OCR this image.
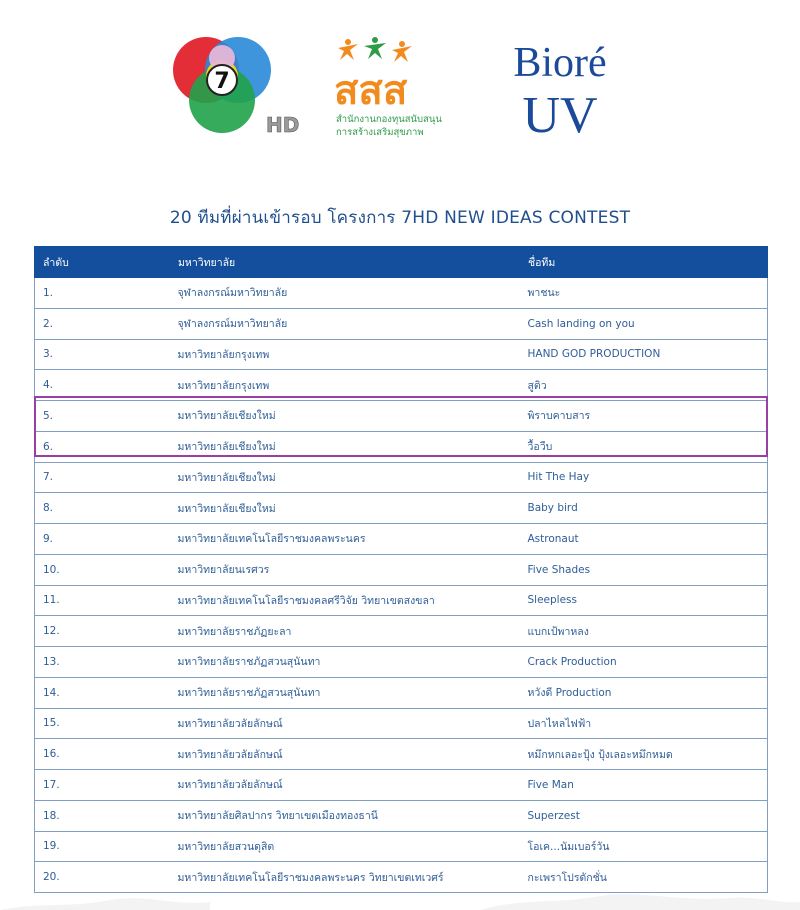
7
HD
สสส
สำนักงานกองทุนสนับสนุน
การสร้างเสริมสุขภาพ
Bioré
UV
20 ทีมที่ผ่านเข้ารอบ โครงการ 7HD NEW IDEAS CONTEST
ลำดับ	มหาวิทยาลัย	ชื่อทีม
1.	จุฬาลงกรณ์มหาวิทยาลัย	พาชนะ
2.	จุฬาลงกรณ์มหาวิทยาลัย	Cash landing on you
3.	มหาวิทยาลัยกรุงเทพ	HAND GOD PRODUCTION
4.	มหาวิทยาลัยกรุงเทพ	สูติว
5.	มหาวิทยาลัยเชียงใหม่	พิราบคาบสาร
6.	มหาวิทยาลัยเชียงใหม่	วื้อวืบ
7.	มหาวิทยาลัยเชียงใหม่	Hit The Hay
8.	มหาวิทยาลัยเชียงใหม่	Baby bird
9.	มหาวิทยาลัยเทคโนโลยีราชมงคลพระนคร	Astronaut
10.	มหาวิทยาลัยนเรศวร	Five Shades
11.	มหาวิทยาลัยเทคโนโลยีราชมงคลศรีวิจัย วิทยาเขตสงขลา	Sleepless
12.	มหาวิทยาลัยราชภัฏยะลา	แบกเป้พาหลง
13.	มหาวิทยาลัยราชภัฏสวนสุนันทา	Crack Production
14.	มหาวิทยาลัยราชภัฏสวนสุนันทา	หวังดี Production
15.	มหาวิทยาลัยวลัยลักษณ์	ปลาไหลไฟฟ้า
16.	มหาวิทยาลัยวลัยลักษณ์	หมึกหกเลอะปุ้ง ปุ้งเลอะหมึกหมด
17.	มหาวิทยาลัยวลัยลักษณ์	Five Man
18.	มหาวิทยาลัยศิลปากร วิทยาเขตเมืองทองธานี	Superzest
19.	มหาวิทยาลัยสวนดุสิต	โอเค...นัมเบอร์วัน
20.	มหาวิทยาลัยเทคโนโลยีราชมงคลพระนคร วิทยาเขตเทเวศร์	กะเพราโปรดักชั่น
